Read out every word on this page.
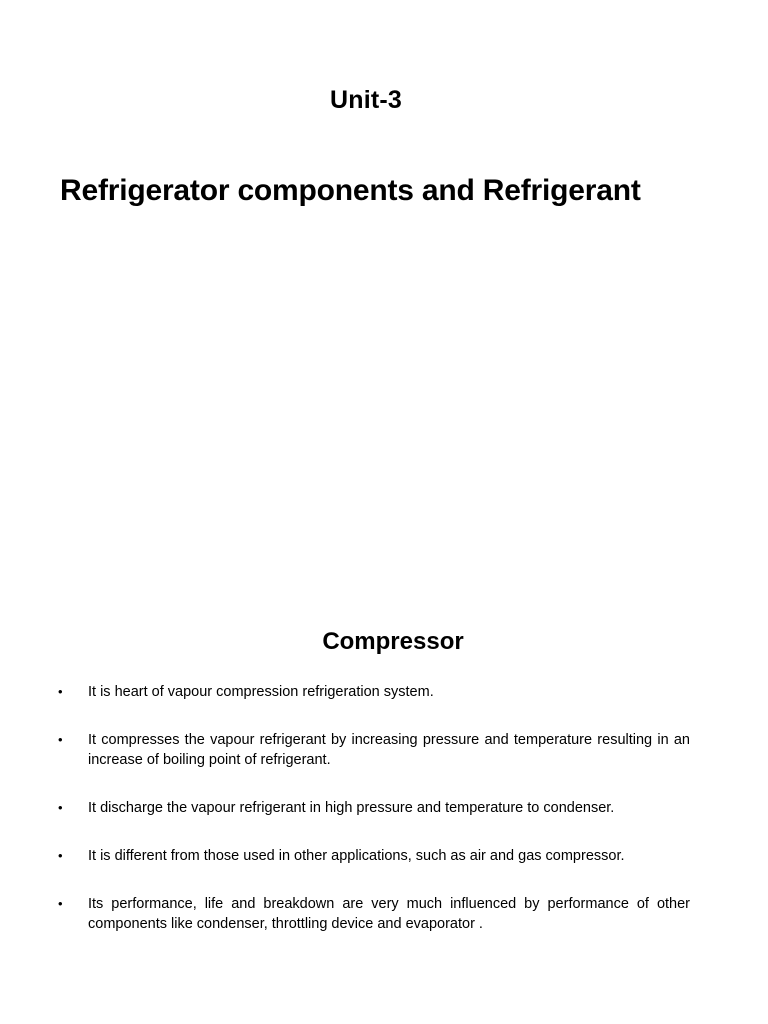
Unit-3
Refrigerator components and Refrigerant
Compressor
•	It is heart of vapour compression refrigeration system.
•	It compresses the vapour refrigerant by increasing pressure and temperature resulting in an increase of boiling point of refrigerant.
•	It discharge the vapour refrigerant in high pressure and temperature to condenser.
•	It is different from those used in other applications, such as air and gas compressor.
•	Its performance, life and breakdown are very much influenced by performance of other components like condenser, throttling device and evaporator .
